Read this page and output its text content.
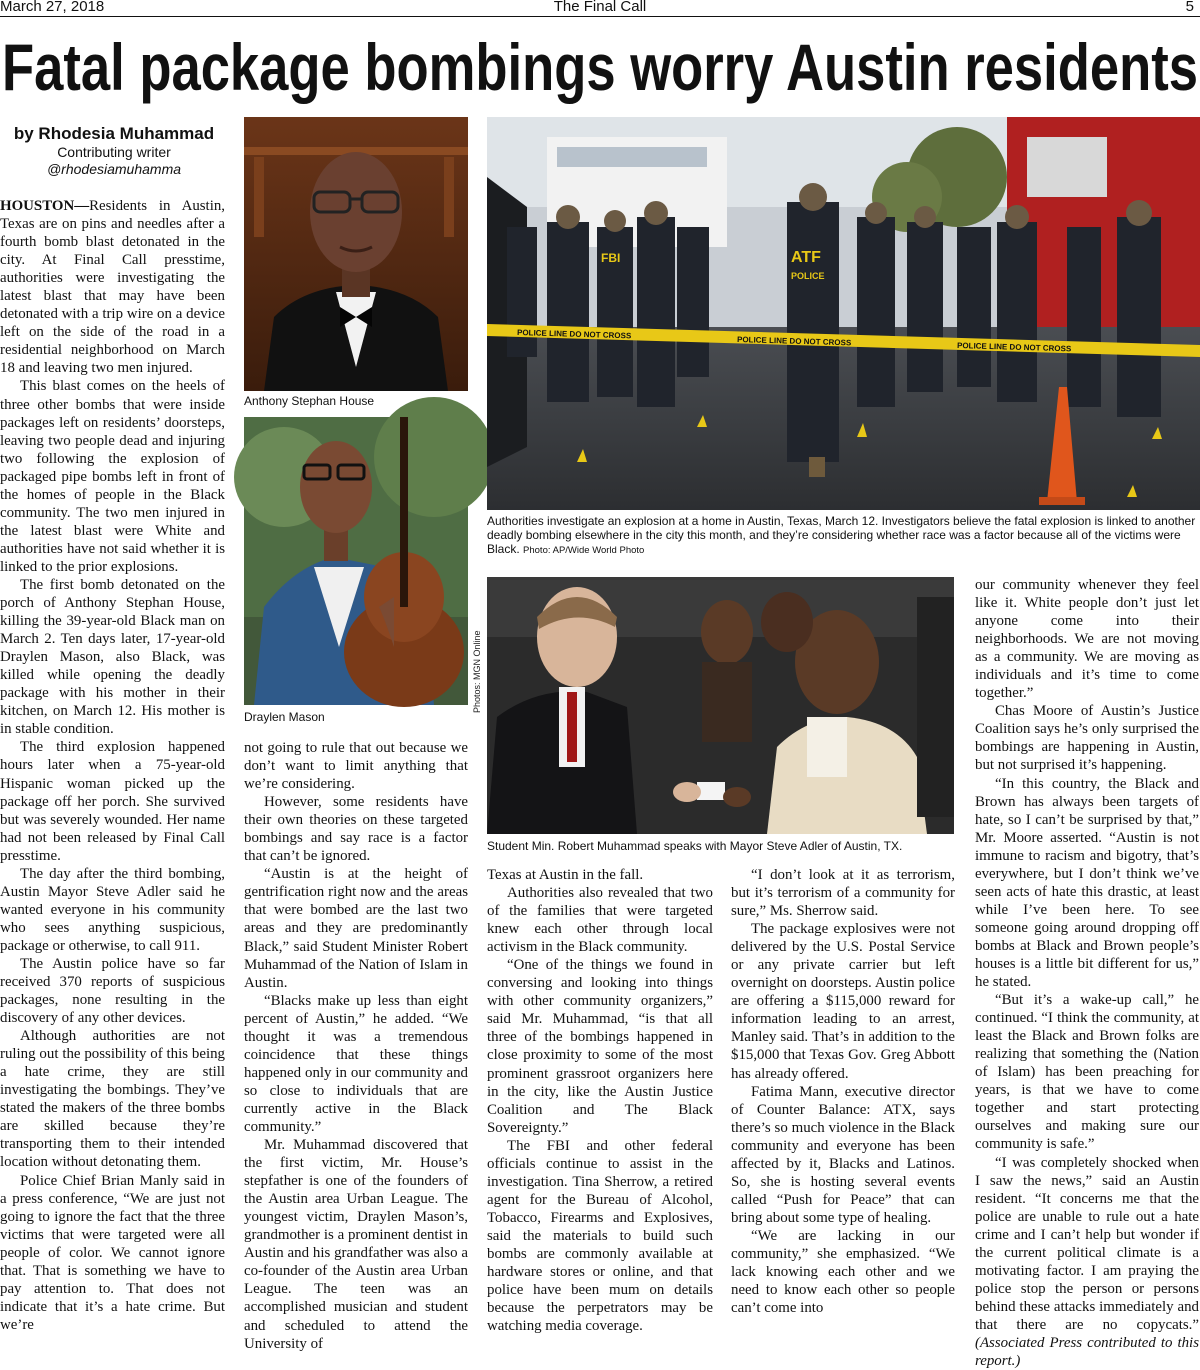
March 27, 2018	The Final Call	5
Fatal package bombings worry Austin residents
by Rhodesia Muhammad
Contributing writer
@rhodesiamuhamma

HOUSTON—Residents in Austin, Texas are on pins and needles after a fourth bomb blast detonated in the city. At Final Call presstime, authorities were investigating the latest blast that may have been detonated with a trip wire on a device left on the side of the road in a residential neighborhood on March 18 and leaving two men injured.

This blast comes on the heels of three other bombs that were inside packages left on residents’ doorsteps, leaving two people dead and injuring two following the explosion of packaged pipe bombs left in front of the homes of people in the Black community. The two men injured in the latest blast were White and authorities have not said whether it is linked to the prior explosions.

The first bomb detonated on the porch of Anthony Stephan House, killing the 39-year-old Black man on March 2. Ten days later, 17-year-old Draylen Mason, also Black, was killed while opening the deadly package with his mother in their kitchen, on March 12. His mother is in stable condition.

The third explosion happened hours later when a 75-year-old Hispanic woman picked up the package off her porch. She survived but was severely wounded. Her name had not been released by Final Call presstime.

The day after the third bombing, Austin Mayor Steve Adler said he wanted everyone in his community who sees anything suspicious, package or otherwise, to call 911.

The Austin police have so far received 370 reports of suspicious packages, none resulting in the discovery of any other devices.

Although authorities are not ruling out the possibility of this being a hate crime, they are still investigating the bombings. They’ve stated the makers of the three bombs are skilled because they’re transporting them to their intended location without detonating them.

Police Chief Brian Manly said in a press conference, “We are just not going to ignore the fact that the three victims that were targeted were all people of color. We cannot ignore that. That is something we have to pay attention to. That does not indicate that it’s a hate crime. But we’re

Anthony Stephan House
Photos: MGN Online
Draylen Mason
ATF
POLICE
FBI
POLICE LINE DO NOT CROSS
POLICE LINE DO NOT CROSS	POLICE LINE DO NOT CROSS
Authorities investigate an explosion at a home in Austin, Texas, March 12. Investigators believe the fatal explosion is linked to another deadly bombing elsewhere in the city this month, and they’re considering whether race was a factor because all of the victims were Black. Photo: AP/Wide World Photo
Student Min. Robert Muhammad speaks with Mayor Steve Adler of Austin, TX.

not going to rule that out because we don’t want to limit anything that we’re considering.

However, some residents have their own theories on these targeted bombings and say race is a factor that can’t be ignored.

“Austin is at the height of gentrification right now and the areas that were bombed are the last two areas and they are predominantly Black,” said Student Minister Robert Muhammad of the Nation of Islam in Austin.

“Blacks make up less than eight percent of Austin,” he added. “We thought it was a tremendous coincidence that these things happened only in our community and so close to individuals that are currently active in the Black community.”

Mr. Muhammad discovered that the first victim, Mr. House’s stepfather is one of the founders of the Austin area Urban League. The youngest victim, Draylen Mason’s, grandmother is a prominent dentist in Austin and his grandfather was also a co-founder of the Austin area Urban League. The teen was an accomplished musician and student and scheduled to attend the University of

Texas at Austin in the fall.

Authorities also revealed that two of the families that were targeted knew each other through local activism in the Black community.

“One of the things we found in conversing and looking into things with other community organizers,” said Mr. Muhammad, “is that all three of the bombings happened in close proximity to some of the most prominent grassroot organizers here in the city, like the Austin Justice Coalition and The Black Sovereignty.”

The FBI and other federal officials continue to assist in the investigation. Tina Sherrow, a retired agent for the Bureau of Alcohol, Tobacco, Firearms and Explosives, said the materials to build such bombs are commonly available at hardware stores or online, and that police have been mum on details because the perpetrators may be watching media coverage.

“I don’t look at it as terrorism, but it’s terrorism of a community for sure,” Ms. Sherrow said.

The package explosives were not delivered by the U.S. Postal Service or any private carrier but left overnight on doorsteps. Austin police are offering a $115,000 reward for information leading to an arrest, Manley said. That’s in addition to the $15,000 that Texas Gov. Greg Abbott has already offered.

Fatima Mann, executive director of Counter Balance: ATX, says there’s so much violence in the Black community and everyone has been affected by it, Blacks and Latinos. So, she is hosting several events called “Push for Peace” that can bring about some type of healing.

“We are lacking in our community,” she emphasized. “We lack knowing each other and we need to know each other so people can’t come into

our community whenever they feel like it. White people don’t just let anyone come into their neighborhoods. We are not moving as a community. We are moving as individuals and it’s time to come together.”

Chas Moore of Austin’s Justice Coalition says he’s only surprised the bombings are happening in Austin, but not surprised it’s happening.

“In this country, the Black and Brown has always been targets of hate, so I can’t be surprised by that,” Mr. Moore asserted. “Austin is not immune to racism and bigotry, that’s everywhere, but I don’t think we’ve seen acts of hate this drastic, at least while I’ve been here. To see someone going around dropping off bombs at Black and Brown people’s houses is a little bit different for us,” he stated.

“But it’s a wake-up call,” he continued. “I think the community, at least the Black and Brown folks are realizing that something the (Nation of Islam) has been preaching for years, is that we have to come together and start protecting ourselves and making sure our community is safe.”

“I was completely shocked when I saw the news,” said an Austin resident. “It concerns me that the police are unable to rule out a hate crime and I can’t help but wonder if the current political climate is a motivating factor. I am praying the police stop the person or persons behind these attacks immediately and that there are no copycats.” (Associated Press contributed to this report.)
